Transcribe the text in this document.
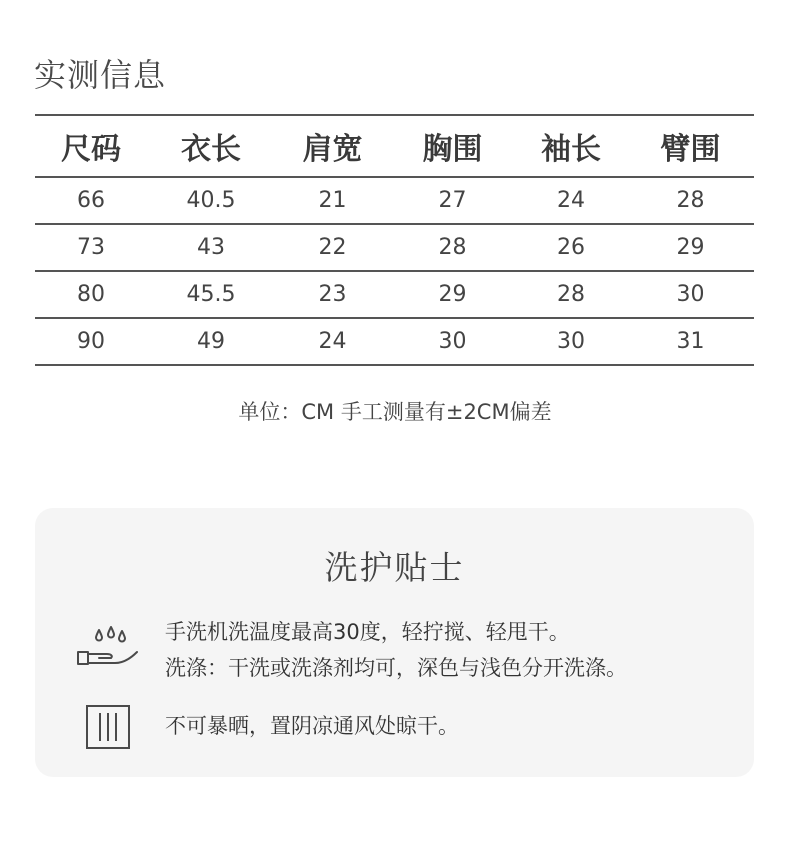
实测信息
尺码	衣长	肩宽	胸围	袖长	臂围
66	40.5	21	27	24	28
73	43	22	28	26	29
80	45.5	23	29	28	30
90	49	24	30	30	31
单位：CM 手工测量有±2CM偏差
洗护贴士
手洗机洗温度最高30度，轻拧搅、轻甩干。
洗涤：干洗或洗涤剂均可，深色与浅色分开洗涤。
不可暴晒，置阴凉通风处晾干。
